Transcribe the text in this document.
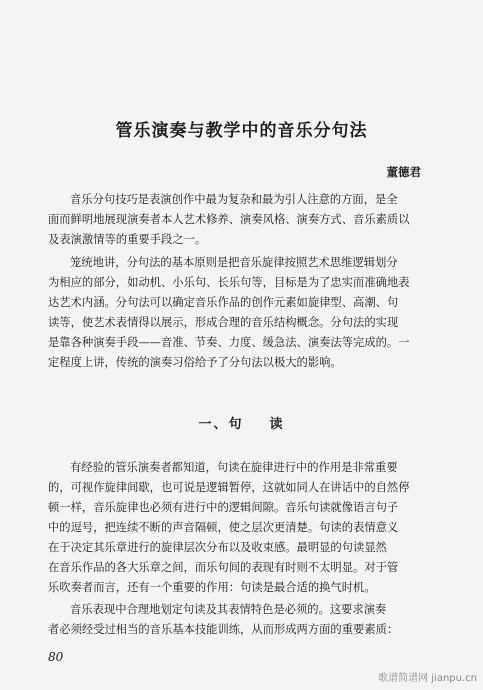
管乐演奏与教学中的音乐分句法
董德君

音乐分句技巧是表演创作中最为复杂和最为引人注意的方面，是全
面而鲜明地展现演奏者本人艺术修养、演奏风格、演奏方式、音乐素质以
及表演激情等的重要手段之一。

笼统地讲，分句法的基本原则是把音乐旋律按照艺术思维逻辑划分
为相应的部分，如动机、小乐句、长乐句等，目标是为了忠实而准确地表
达艺术内涵。分句法可以确定音乐作品的创作元素如旋律型、高潮、句
读等，使艺术表情得以展示，形成合理的音乐结构概念。分句法的实现
是靠各种演奏手段——音准、节奏、力度、缓急法、演奏法等完成的。一
定程度上讲，传统的演奏习俗给予了分句法以极大的影响。

一、句 读

有经验的管乐演奏者都知道，句读在旋律进行中的作用是非常重要
的，可视作旋律间歇，也可说是逻辑暂停，这就如同人在讲话中的自然停
顿一样，音乐旋律也必须有进行中的逻辑间隙。音乐句读就像语言句子
中的逗号，把连续不断的声音隔顿，使之层次更清楚。句读的表情意义
在于决定其乐章进行的旋律层次分布以及收束感。最明显的句读显然
在音乐作品的各大乐章之间，而乐句间的表现有时则不太明显。对于管
乐吹奏者而言，还有一个重要的作用：句读是最合适的换气时机。

音乐表现中合理地划定句读及其表情特色是必须的。这要求演奏
者必须经受过相当的音乐基本技能训练，从而形成两方面的重要素质：

80
歌谱简谱网 jianpu.cn
